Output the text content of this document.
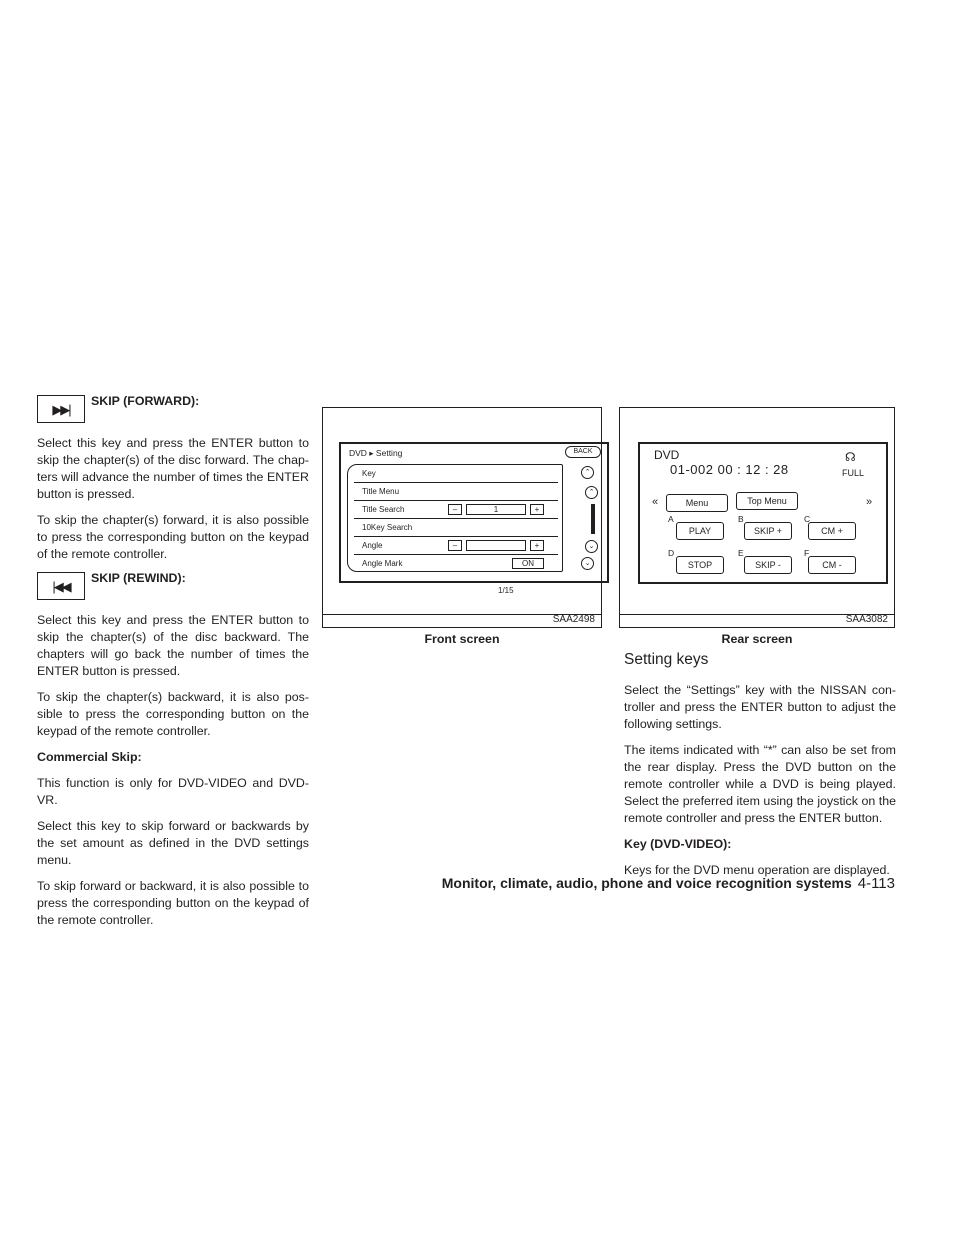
▶▶|
SKIP (FORWARD):

Select this key and press the ENTER button to skip the chapter(s) of the disc forward. The chap-ters will advance the number of times the ENTER button is pressed.

To skip the chapter(s) forward, it is also possible to press the corresponding button on the keypad of the remote controller.

|◀◀
SKIP (REWIND):

Select this key and press the ENTER button to skip the chapter(s) of the disc backward. The chapters will go back the number of times the ENTER button is pressed.

To skip the chapter(s) backward, it is also pos-sible to press the corresponding button on the keypad of the remote controller.

Commercial Skip:

This function is only for DVD-VIDEO and DVD-VR.

Select this key to skip forward or backwards by the set amount as defined in the DVD settings menu.

To skip forward or backward, it is also possible to press the corresponding button on the keypad of the remote controller.

DVD ▸ Setting	BACK
Key
Title Menu
Title Search	–	1	+
10Key Search
Angle	–	+
Angle Mark	ON
⌃
⌃
⌄
⌄
1/15
SAA2498
Front screen
DVD
01-002 00 : 12 : 28
☊
FULL
«	»
Menu	Top Menu
A
PLAY
B
SKIP +
C
CM +
D
STOP
E
SKIP -
F
CM -
SAA3082
Rear screen
Setting keys

Select the “Settings” key with the NISSAN con-troller and press the ENTER button to adjust the following settings.

The items indicated with “*” can also be set from the rear display. Press the DVD button on the remote controller while a DVD is being played. Select the preferred item using the joystick on the remote controller and press the ENTER button.

Key (DVD-VIDEO):

Keys for the DVD menu operation are displayed.

Monitor, climate, audio, phone and voice recognition systems 4-113
